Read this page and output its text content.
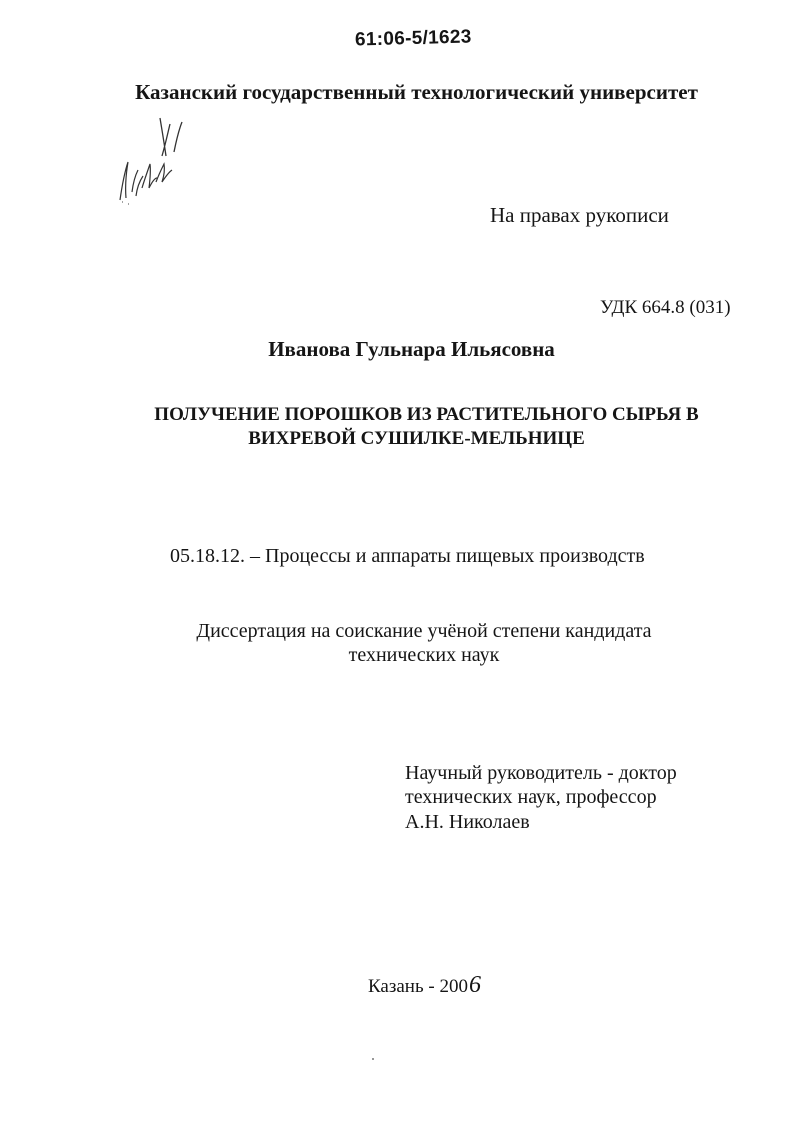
61:06-5/1623
Казанский государственный технологический университет
На правах рукописи
УДК 664.8 (031)
Иванова Гульнара Ильясовна
ПОЛУЧЕНИЕ ПОРОШКОВ ИЗ РАСТИТЕЛЬНОГО СЫРЬЯ В
ВИХРЕВОЙ СУШИЛКЕ-МЕЛЬНИЦЕ
05.18.12. – Процессы и аппараты пищевых производств
Диссертация на соискание учёной степени кандидата
технических наук
Научный руководитель - доктор
технических наук, профессор
А.Н. Николаев
Казань - 2006
